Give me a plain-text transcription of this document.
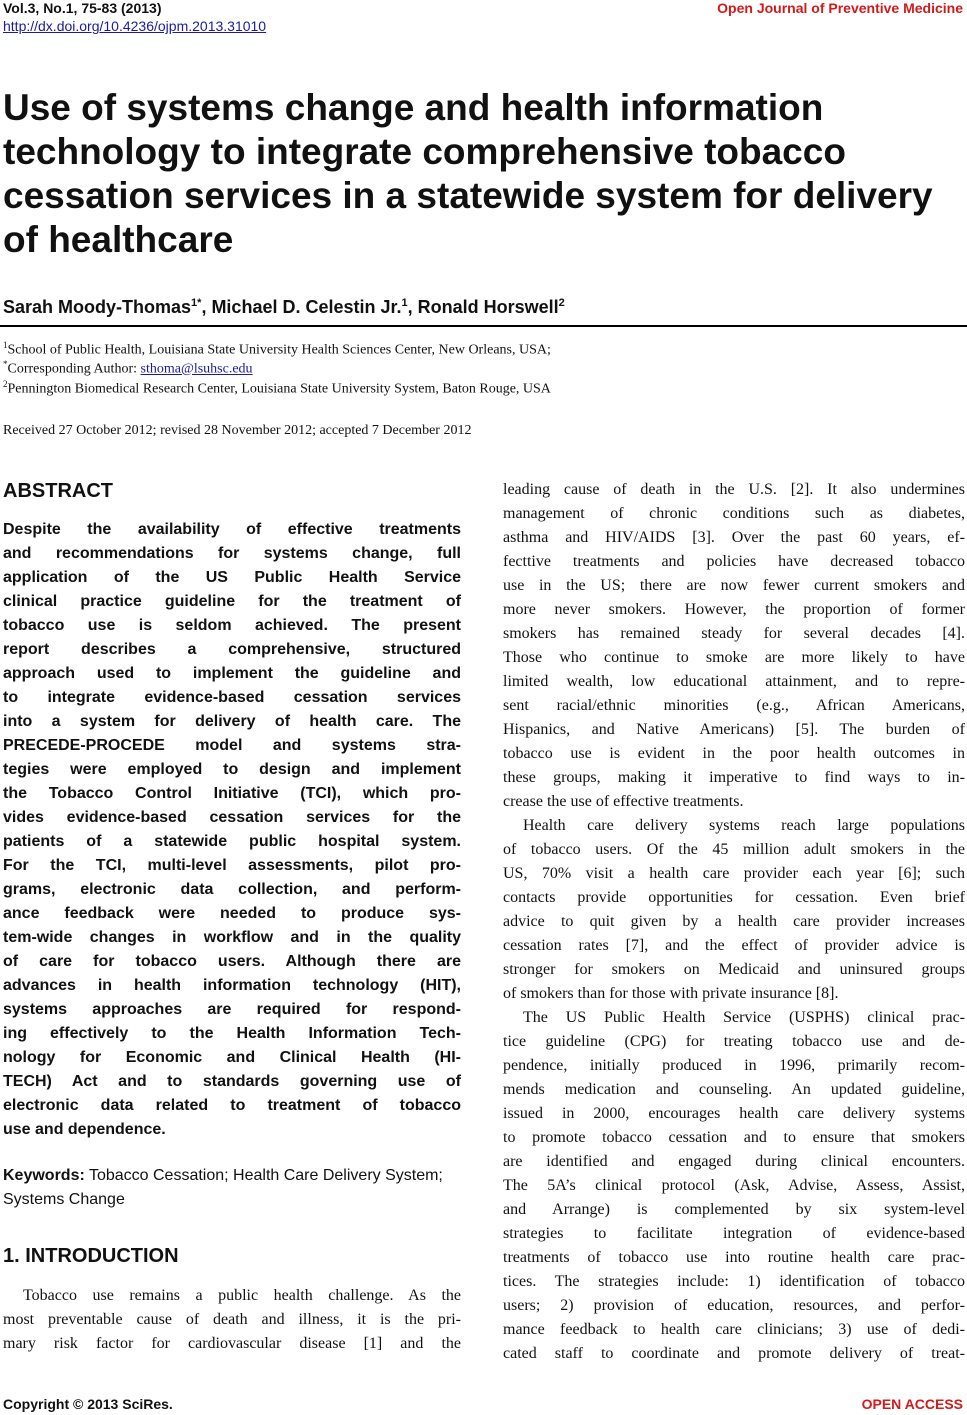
Vol.3, No.1, 75-83 (2013)	Open Journal of Preventive Medicine
http://dx.doi.org/10.4236/ojpm.2013.31010
Use of systems change and health information
technology to integrate comprehensive tobacco
cessation services in a statewide system for delivery
of healthcare
Sarah Moody-Thomas$^{1*}$, Michael D. Celestin Jr.$^1$, Ronald Horswell$^2$
$^1$School of Public Health, Louisiana State University Health Sciences Center, New Orleans, USA;
*Corresponding Author: sthoma@lsuhsc.edu
$^2$Pennington Biomedical Research Center, Louisiana State University System, Baton Rouge, USA
Received 27 October 2012; revised 28 November 2012; accepted 7 December 2012
ABSTRACT
Despite the availability of effective treatments
and recommendations for systems change, full
application of the US Public Health Service
clinical practice guideline for the treatment of
tobacco use is seldom achieved. The present
report describes a comprehensive, structured
approach used to implement the guideline and
to integrate evidence-based cessation services
into a system for delivery of health care. The
PRECEDE-PROCEDE model and systems stra-
tegies were employed to design and implement
the Tobacco Control Initiative (TCI), which pro-
vides evidence-based cessation services for the
patients of a statewide public hospital system.
For the TCI, multi-level assessments, pilot pro-
grams, electronic data collection, and perform-
ance feedback were needed to produce sys-
tem-wide changes in workflow and in the quality
of care for tobacco users. Although there are
advances in health information technology (HIT),
systems approaches are required for respond-
ing effectively to the Health Information Tech-
nology for Economic and Clinical Health (HI-
TECH) Act and to standards governing use of
electronic data related to treatment of tobacco
use and dependence.
Keywords: Tobacco Cessation; Health Care Delivery System; Systems Change
1. INTRODUCTION
Tobacco use remains a public health challenge. As the
most preventable cause of death and illness, it is the pri-
mary risk factor for cardiovascular disease [1] and the
leading cause of death in the U.S. [2]. It also undermines
management of chronic conditions such as diabetes,
asthma and HIV/AIDS [3]. Over the past 60 years, ef-
fecttive treatments and policies have decreased tobacco
use in the US; there are now fewer current smokers and
more never smokers. However, the proportion of former
smokers has remained steady for several decades [4].
Those who continue to smoke are more likely to have
limited wealth, low educational attainment, and to repre-
sent racial/ethnic minorities (e.g., African Americans,
Hispanics, and Native Americans) [5]. The burden of
tobacco use is evident in the poor health outcomes in
these groups, making it imperative to find ways to in-
crease the use of effective treatments.
Health care delivery systems reach large populations
of tobacco users. Of the 45 million adult smokers in the
US, 70% visit a health care provider each year [6]; such
contacts provide opportunities for cessation. Even brief
advice to quit given by a health care provider increases
cessation rates [7], and the effect of provider advice is
stronger for smokers on Medicaid and uninsured groups
of smokers than for those with private insurance [8].
The US Public Health Service (USPHS) clinical prac-
tice guideline (CPG) for treating tobacco use and de-
pendence, initially produced in 1996, primarily recom-
mends medication and counseling. An updated guideline,
issued in 2000, encourages health care delivery systems
to promote tobacco cessation and to ensure that smokers
are identified and engaged during clinical encounters.
The 5A’s clinical protocol (Ask, Advise, Assess, Assist,
and Arrange) is complemented by six system-level
strategies to facilitate integration of evidence-based
treatments of tobacco use into routine health care prac-
tices. The strategies include: 1) identification of tobacco
users; 2) provision of education, resources, and perfor-
mance feedback to health care clinicians; 3) use of dedi-
cated staff to coordinate and promote delivery of treat-
Copyright © 2013 SciRes.	OPEN ACCESS
